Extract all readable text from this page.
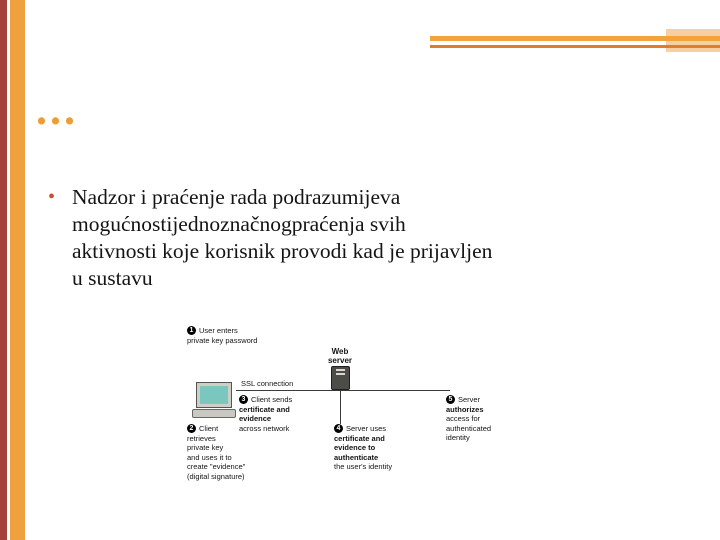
...
• Nadzor i praćenje rada podrazumijeva
mogućnostijednoznačnogpraćenja svih
aktivnosti koje korisnik provodi kad je prijavljen
u sustavu
SSL connection
Web
server
1 User enters
private key password
2 Client
retrieves
private key
and uses it to
create "evidence"
(digital signature)
3 Client sends
certificate and
evidence
across network	4 Server uses
certificate and
evidence to
authenticate
the user's identity
5 Server
authorizes
access for
authenticated
identity
